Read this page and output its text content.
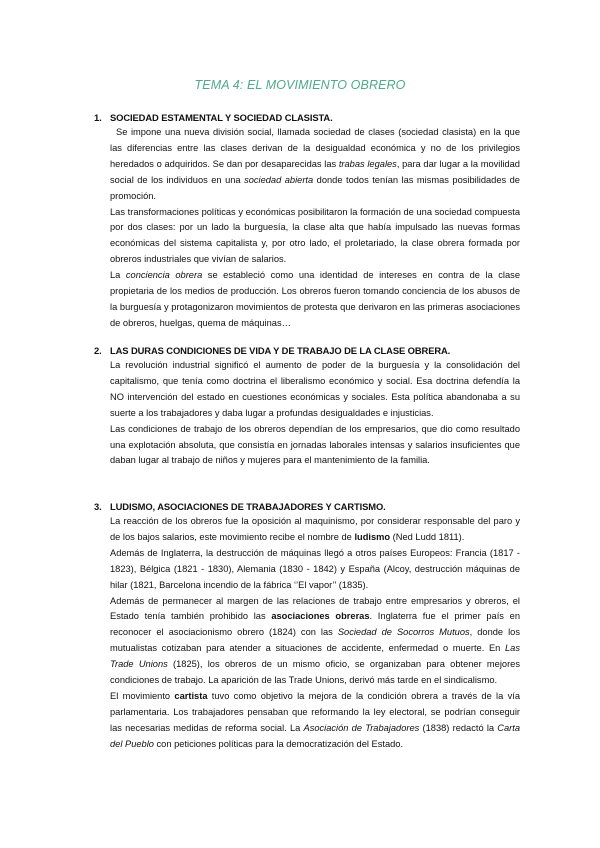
TEMA 4: EL MOVIMIENTO OBRERO
1. SOCIEDAD ESTAMENTAL Y SOCIEDAD CLASISTA.

Se impone una nueva división social, llamada sociedad de clases (sociedad clasista) en la que las diferencias entre las clases derivan de la desigualdad económica y no de los privilegios heredados o adquiridos. Se dan por desaparecidas las trabas legales, para dar lugar a la movilidad social de los individuos en una sociedad abierta donde todos tenían las mismas posibilidades de promoción.

Las transformaciones políticas y económicas posibilitaron la formación de una sociedad compuesta por dos clases: por un lado la burguesía, la clase alta que había impulsado las nuevas formas económicas del sistema capitalista y, por otro lado, el proletariado, la clase obrera formada por obreros industriales que vivían de salarios.

La conciencia obrera se estableció como una identidad de intereses en contra de la clase propietaria de los medios de producción. Los obreros fueron tomando conciencia de los abusos de la burguesía y protagonizaron movimientos de protesta que derivaron en las primeras asociaciones de obreros, huelgas, quema de máquinas…

2. LAS DURAS CONDICIONES DE VIDA Y DE TRABAJO DE LA CLASE OBRERA.

La revolución industrial significó el aumento de poder de la burguesía y la consolidación del capitalismo, que tenía como doctrina el liberalismo económico y social. Esa doctrina defendía la NO intervención del estado en cuestiones económicas y sociales. Esta política abandonaba a su suerte a los trabajadores y daba lugar a profundas desigualdades e injusticias.

Las condiciones de trabajo de los obreros dependían de los empresarios, que dio como resultado una explotación absoluta, que consistía en jornadas laborales intensas y salarios insuficientes que daban lugar al trabajo de niños y mujeres para el mantenimiento de la familia.

3. LUDISMO, ASOCIACIONES DE TRABAJADORES Y CARTISMO.

La reacción de los obreros fue la oposición al maquinismo, por considerar responsable del paro y de los bajos salarios, este movimiento recibe el nombre de ludismo (Ned Ludd 1811).

Además de Inglaterra, la destrucción de máquinas llegó a otros países Europeos: Francia (1817 - 1823), Bélgica (1821 - 1830), Alemania (1830 - 1842) y España (Alcoy, destrucción máquinas de hilar (1821, Barcelona incendio de la fábrica ‘’El vapor’’ (1835).

Además de permanecer al margen de las relaciones de trabajo entre empresarios y obreros, el Estado tenía también prohibido las asociaciones obreras. Inglaterra fue el primer país en reconocer el asociacionismo obrero (1824) con las Sociedad de Socorros Mutuos, donde los mutualistas cotizaban para atender a situaciones de accidente, enfermedad o muerte. En Las Trade Unions (1825), los obreros de un mismo oficio, se organizaban para obtener mejores condiciones de trabajo. La aparición de las Trade Unions, derivó más tarde en el sindicalismo.

El movimiento cartista tuvo como objetivo la mejora de la condición obrera a través de la vía parlamentaria. Los trabajadores pensaban que reformando la ley electoral, se podrían conseguir las necesarias medidas de reforma social. La Asociación de Trabajadores (1838) redactó la Carta del Pueblo con peticiones políticas para la democratización del Estado.
